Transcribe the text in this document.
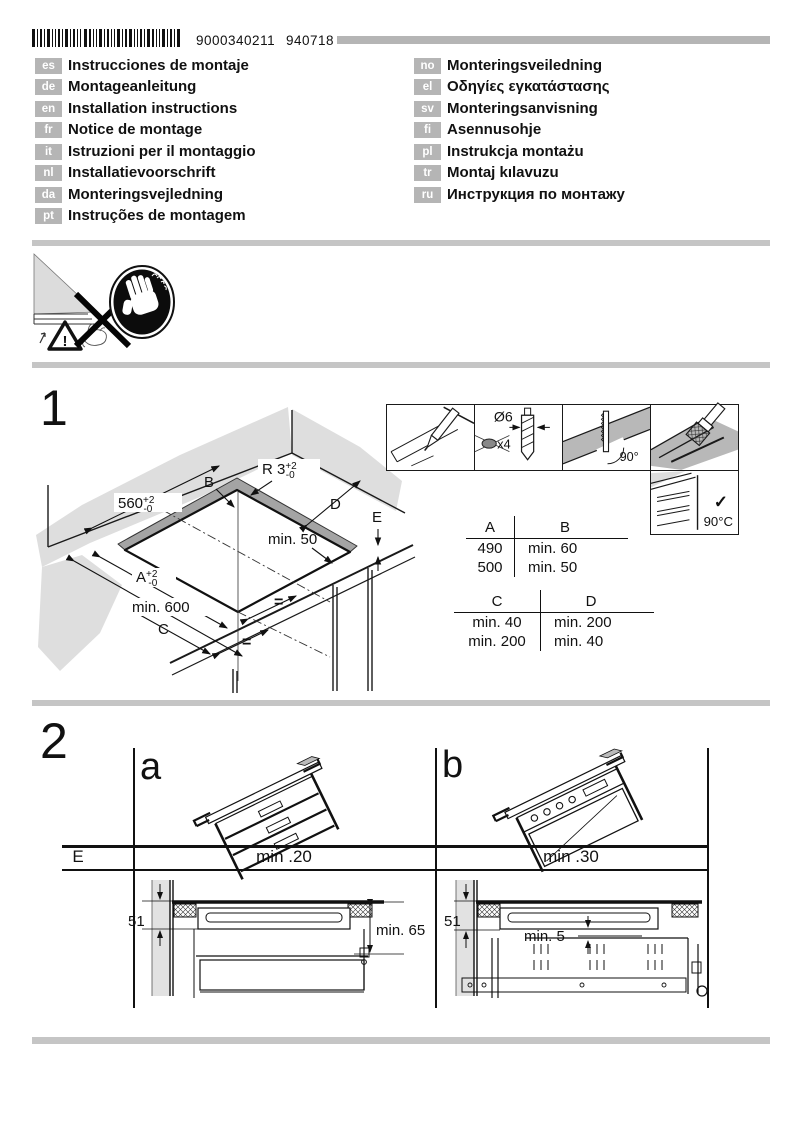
9000340211 940718
es Instrucciones de montaje
de Montageanleitung
en Installation instructions
fr	Notice de montage
it	Istruzioni per il montaggio
nl Installatievoorschrift
da Monteringsvejledning
pt Instruções de montagem
no Monteringsveiledning
el Οδηγίες εγκατάστασης
sv Monteringsanvisning
fi	Asennusohje
pl Instrukcja montażu
tr	Montaj kılavuzu
ru Инструкция по монтажу
!
1
$560^{+2}$ -0
B
R $3^{+2}$ -0
D
E
min. 50
$A^{+2}$ -0
min. 600
C
=
=
Ø6
x4
90°
✓
90°C
A	B
490	min. 60
500	min. 50
C	D
min. 40	min. 200
min. 200	min. 40
2 a	b
E	min .20	min .30
51
min. 65
51
min. 5
